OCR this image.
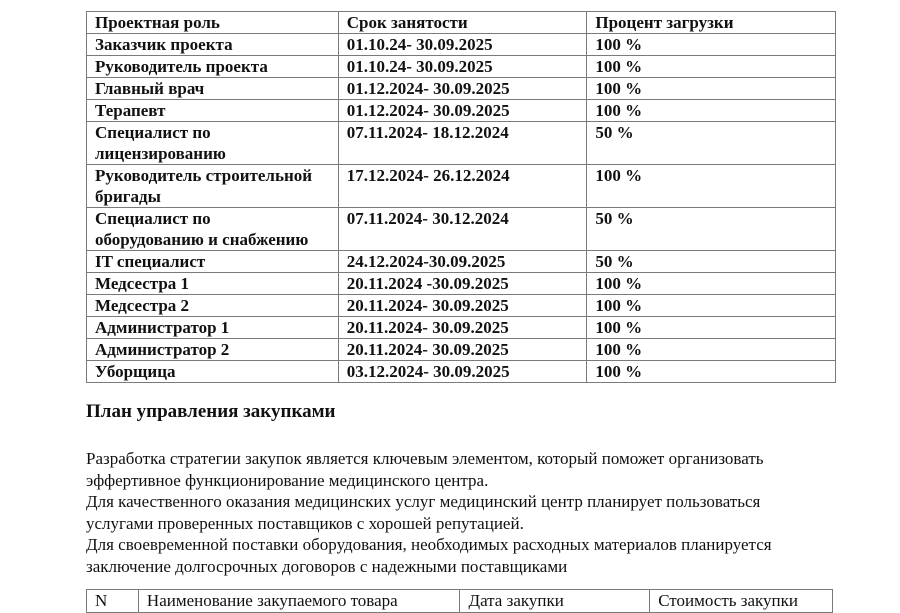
Проектная роль	Срок занятости	Процент загрузки
Заказчик проекта	01.10.24- 30.09.2025	100 %
Руководитель проекта	01.10.24- 30.09.2025	100 %
Главный врач	01.12.2024- 30.09.2025	100 %
Терапевт	01.12.2024- 30.09.2025	100 %

Специалист по
лицензированию	07.11.2024- 18.12.2024	50 %

Руководитель строительной
бригады	17.12.2024- 26.12.2024	100 %

Специалист по
оборудованию и снабжению	07.11.2024- 30.12.2024	50 %
IT специалист	24.12.2024-30.09.2025	50 %
Медсестра 1	20.11.2024 -30.09.2025	100 %
Медсестра 2	20.11.2024- 30.09.2025	100 %
Администратор 1	20.11.2024- 30.09.2025	100 %
Администратор 2	20.11.2024- 30.09.2025	100 %
Уборщица	03.12.2024- 30.09.2025	100 %
План управления закупками

Разработка стратегии закупок является ключевым элементом, который поможет организовать эффертивное функционирование медицинского центра.

Для качественного оказания медицинских услуг медицинский центр планирует пользоваться услугами проверенных поставщиков с хорошей репутацией.

Для своевременной поставки оборудования, необходимых расходных материалов планируется заключение долгосрочных договоров с надежными поставщиками

N	Наименование закупаемого товара	Дата закупки	Стоимость закупки
